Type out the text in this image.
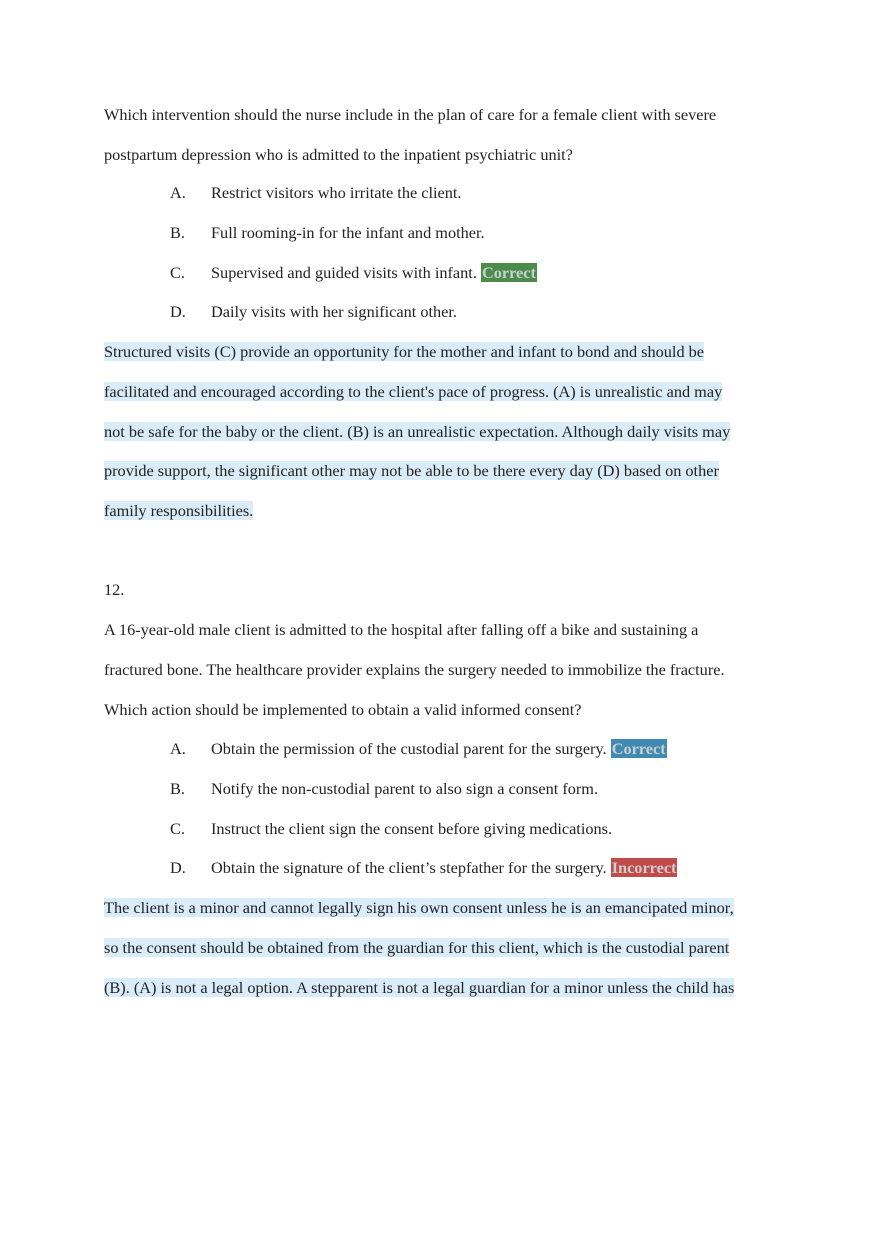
Which intervention should the nurse include in the plan of care for a female client with severe
postpartum depression who is admitted to the inpatient psychiatric unit?
A. Restrict visitors who irritate the client.
B. Full rooming-in for the infant and mother.
C. Supervised and guided visits with infant. Correct
D. Daily visits with her significant other.
Structured visits (C) provide an opportunity for the mother and infant to bond and should be
facilitated and encouraged according to the client's pace of progress. (A) is unrealistic and may
not be safe for the baby or the client. (B) is an unrealistic expectation. Although daily visits may
provide support, the significant other may not be able to be there every day (D) based on other
family responsibilities.
12.
A 16-year-old male client is admitted to the hospital after falling off a bike and sustaining a
fractured bone. The healthcare provider explains the surgery needed to immobilize the fracture.
Which action should be implemented to obtain a valid informed consent?
A. Obtain the permission of the custodial parent for the surgery. Correct
B. Notify the non-custodial parent to also sign a consent form.
C. Instruct the client sign the consent before giving medications.
D. Obtain the signature of the client’s stepfather for the surgery. Incorrect
The client is a minor and cannot legally sign his own consent unless he is an emancipated minor,
so the consent should be obtained from the guardian for this client, which is the custodial parent
(B). (A) is not a legal option. A stepparent is not a legal guardian for a minor unless the child has
